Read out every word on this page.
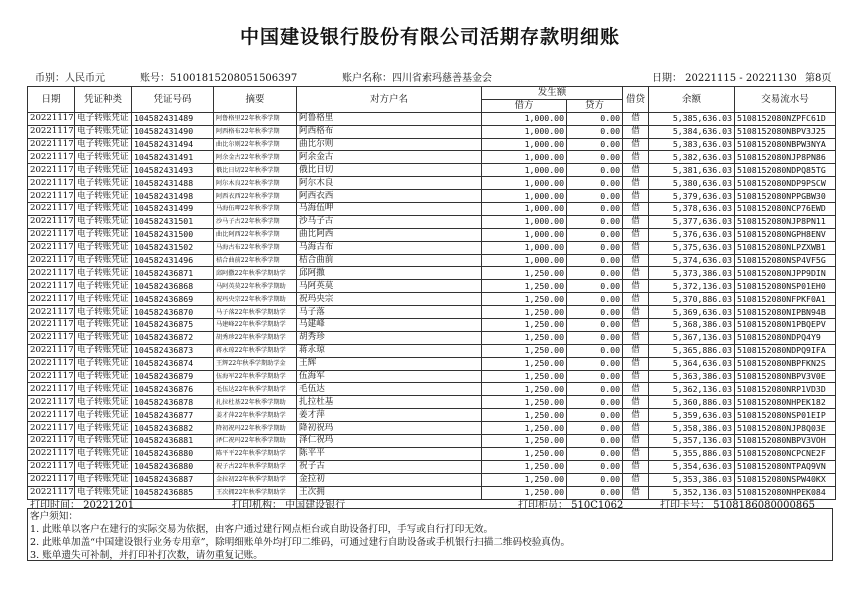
中国建设银行股份有限公司活期存款明细账
币别：人民币元	账号：51001815208051506397	账户名称：四川省索玛慈善基金会	日期： 20221115 - 20221130 第8页
日期	凭证种类	凭证号码	摘要	对方户名	发生额		借贷	余额	交易流水号
					借方	贷方			
20221117	电子转账凭证	104582431489	阿鲁格里22年秋季学期	阿鲁格里	1,000.00	0.00	借	5,385,636.03	5108152080NZPFC61D
20221117	电子转账凭证	104582431490	阿西格布22年秋季学期	阿西格布	1,000.00	0.00	借	5,384,636.03	5108152080NBPV3J25
20221117	电子转账凭证	104582431494	曲比尔则22年秋季学期	曲比尔则	1,000.00	0.00	借	5,383,636.03	5108152080NBPW3NYA
20221117	电子转账凭证	104582431491	阿余金古22年秋季学期	阿余金古	1,000.00	0.00	借	5,382,636.03	5108152080NJP8PN86
20221117	电子转账凭证	104582431493	俄比日切22年秋季学期	俄比日切	1,000.00	0.00	借	5,381,636.03	5108152080NDPQ85TG
20221117	电子转账凭证	104582431488	阿尔木良22年秋季学期	阿尔木良	1,000.00	0.00	借	5,380,636.03	5108152080NDP9PSCW
20221117	电子转账凭证	104582431498	阿西衣西22年秋季学期	阿西衣西	1,000.00	0.00	借	5,379,636.03	5108152080NPPGBW30
20221117	电子转账凭证	104582431499	马海伍呷22年秋季学期	马海伍呷	1,000.00	0.00	借	5,378,636.03	5108152080NCP76EWD
20221117	电子转账凭证	104582431501	沙马子古22年秋季学期	沙马子古	1,000.00	0.00	借	5,377,636.03	5108152080NJP8PN11
20221117	电子转账凭证	104582431500	曲比阿西22年秋季学期	曲比阿西	1,000.00	0.00	借	5,376,636.03	5108152080NGPH8ENV
20221117	电子转账凭证	104582431502	马海古布22年秋季学期	马海古布	1,000.00	0.00	借	5,375,636.03	5108152080NLPZXWB1
20221117	电子转账凭证	104582431496	桔合曲前22年秋季学期	桔合曲前	1,000.00	0.00	借	5,374,636.03	5108152080NSP4VF5G
20221117	电子转账凭证	104582436871	邱阿撒22年秋季学期助学	邱阿撒	1,250.00	0.00	借	5,373,386.03	5108152080NJPP9DIN
20221117	电子转账凭证	104582436868	马阿英莫22年秋季学期助	马阿英莫	1,250.00	0.00	借	5,372,136.03	5108152080NSP01EH0
20221117	电子转账凭证	104582436869	祝玛央宗22年秋季学期助	祝玛央宗	1,250.00	0.00	借	5,370,886.03	5108152080NFPKF0A1
20221117	电子转账凭证	104582436870	马子落22年秋季学期助学	马子落	1,250.00	0.00	借	5,369,636.03	5108152080NIPBN94B
20221117	电子转账凭证	104582436875	马建峰22年秋季学期助学	马建峰	1,250.00	0.00	借	5,368,386.03	5108152080N1PBQEPV
20221117	电子转账凭证	104582436872	胡秀珍22年秋季学期助学	胡秀珍	1,250.00	0.00	借	5,367,136.03	5108152080NDPQ4Y9
20221117	电子转账凭证	104582436873	蒋永琼22年秋季学期助学	蒋永琼	1,250.00	0.00	借	5,365,886.03	5108152080NDPQ9IFA
20221117	电子转账凭证	104582436874	王辉22年秋季学期助学金	王辉	1,250.00	0.00	借	5,364,636.03	5108152080NBPFKN2S
20221117	电子转账凭证	104582436879	伍海军22年秋季学期助学	伍海军	1,250.00	0.00	借	5,363,386.03	5108152080NBPV3V0E
20221117	电子转账凭证	104582436876	毛伍达22年秋季学期助学	毛伍达	1,250.00	0.00	借	5,362,136.03	5108152080NRP1VD3D
20221117	电子转账凭证	104582436878	扎拉杜基22年秋季学期助	扎拉杜基	1,250.00	0.00	借	5,360,886.03	5108152080NHPEK182
20221117	电子转账凭证	104582436877	姜才萍22年秋季学期助学	姜才萍	1,250.00	0.00	借	5,359,636.03	5108152080NSP01EIP
20221117	电子转账凭证	104582436882	降初祝玛22年秋季学期助	降初祝玛	1,250.00	0.00	借	5,358,386.03	5108152080NJP8Q03E
20221117	电子转账凭证	104582436881	泽仁祝玛22年秋季学期助	泽仁祝玛	1,250.00	0.00	借	5,357,136.03	5108152080NBPV3VOH
20221117	电子转账凭证	104582436880	陈平平22年秋季学期助学	陈平平	1,250.00	0.00	借	5,355,886.03	5108152080NCPCNE2F
20221117	电子转账凭证	104582436880	祝子古22年秋季学期助学	祝子古	1,250.00	0.00	借	5,354,636.03	5108152080NTPAQ9VN
20221117	电子转账凭证	104582436887	金拉初22年秋季学期助学	金拉初	1,250.00	0.00	借	5,353,386.03	5108152080NSPW40KX
20221117	电子转账凭证	104582436885	王次拥22年秋季学期助学	王次拥	1,250.00	0.00	借	5,352,136.03	5108152080NHPEK084
打印时间： 20221201	打印机构： 中国建设银行	打印柜员： 510C1062	打印卡号： 5108186080000865
客户须知：
1. 此账单以客户在建行的实际交易为依据，由客户通过建行网点柜台或自助设备打印，手写或自行打印无效。
2. 此账单加盖“中国建设银行业务专用章”，除明细账单外均打印二维码，可通过建行自助设备或手机银行扫描二维码校验真伪。
3. 账单遗失可补制，并打印补打次数，请勿重复记账。
